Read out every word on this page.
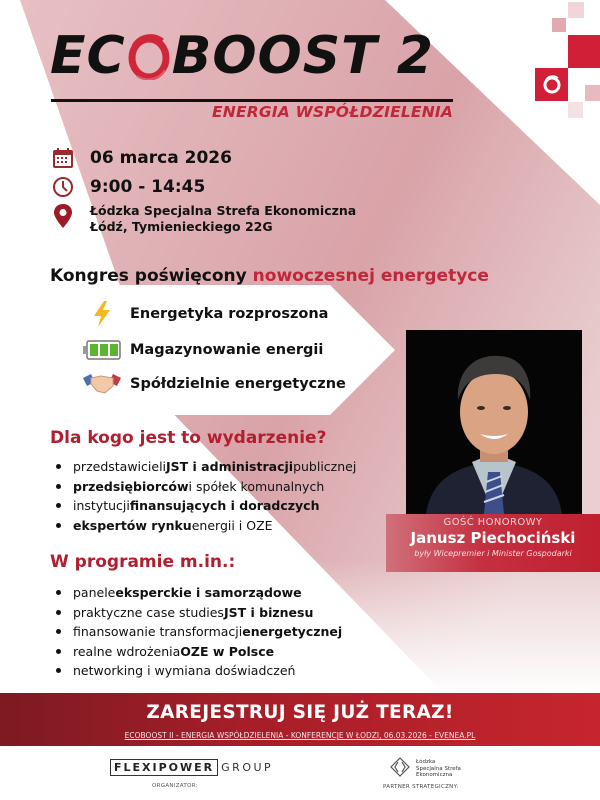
EC BOOST 2
ENERGIA WSPÓŁDZIELENIA
06 marca 2026
9:00 - 14:45
Łódzka Specjalna Strefa Ekonomiczna
Łódź, Tymienieckiego 22G
Kongres poświęcony nowoczesnej energetyce
Energetyka rozproszona
Magazynowanie energii
Spółdzielnie energetyczne
Dla kogo jest to wydarzenie?
przedstawicieli JST i administracji publicznej
przedsiębiorców i spółek komunalnych
instytucji finansujących i doradczych
ekspertów rynku energii i OZE
W programie m.in.:
panele eksperckie i samorządowe
praktyczne case studies JST i biznesu
finansowanie transformacji energetycznej
realne wdrożenia OZE w Polsce
networking i wymiana doświadczeń
GOŚĆ HONOROWY
Janusz Piechociński
były Wicepremier i Minister Gospodarki
ZAREJESTRUJ SIĘ JUŻ TERAZ!
ECOBOOST II - ENERGIA WSPÓŁDZIELENIA - KONFERENCJE W ŁODZI, 06.03.2026 - EVENEA.PL
FLEXIPOWER GROUP
ORGANIZATOR:
Łódzka
Specjalna Strefa
Ekonomiczna
PARTNER STRATEGICZNY:
